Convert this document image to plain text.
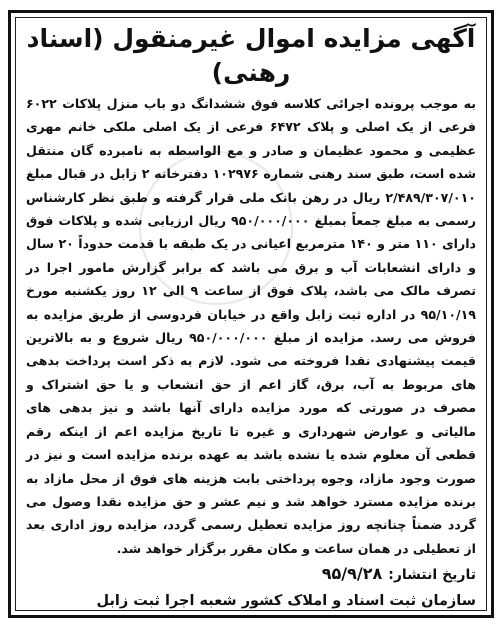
آگهی مزایده اموال غیرمنقول (اسناد رهنی)

به موجب پرونده اجرائی کلاسه فوق ششدانگ دو باب منزل پلاکات ۶۰۲۲ فرعی از یک اصلی و پلاک ۶۴۷۲ فرعی از یک اصلی ملکی خانم مهری عظیمی و محمود عظیمان و صادر و مع الواسطه به نامبرده گان منتقل شده است، طبق سند رهنی شماره ۱۰۲۹۷۶ دفترخانه ۲ زابل در قبال مبلغ ۲/۴۸۹/۳۰۷/۰۱۰ ریال در رهن بانک ملی قرار گرفته و طبق نظر کارشناس رسمی به مبلغ جمعاً بمبلغ ۹۵۰/۰۰۰/۰۰۰ ریال ارزیابی شده و پلاکات فوق دارای ۱۱۰ متر و ۱۴۰ مترمربع اعیانی در یک طبقه با قدمت حدوداً ۲۰ سال و دارای انشعابات آب و برق می باشد که برابر گزارش مامور اجرا در تصرف مالک می باشد، پلاک فوق از ساعت ۹ الی ۱۲ روز یکشنبه مورخ ۹۵/۱۰/۱۹ در اداره ثبت زابل واقع در خیابان فردوسی از طریق مزایده به فروش می رسد. مزایده از مبلغ ۹۵۰/۰۰۰/۰۰۰ ریال شروع و به بالاترین قیمت پیشنهادی نقدا فروخته می شود. لازم به ذکر است پرداخت بدهی های مربوط به آب، برق، گاز اعم از حق انشعاب و یا حق اشتراک و مصرف در صورتی که مورد مزایده دارای آنها باشد و نیز بدهی های مالیاتی و عوارض شهرداری و غیره تا تاریخ مزایده اعم از اینکه رقم قطعی آن معلوم شده یا نشده باشد به عهده برنده مزایده است و نیز در صورت وجود مازاد، وجوه پرداختی بابت هزینه های فوق از محل مازاد به برنده مزایده مسترد خواهد شد و نیم عشر و حق مزایده نقدا وصول می گردد ضمناً چنانچه روز مزایده تعطیل رسمی گردد، مزایده روز اداری بعد از تعطیلی در همان ساعت و مکان مقرر برگزار خواهد شد.

تاریخ انتشار:۹۵/۹/۲۸
سازمان ثبت اسناد و املاک کشور شعبه اجرا ثبت زابل
